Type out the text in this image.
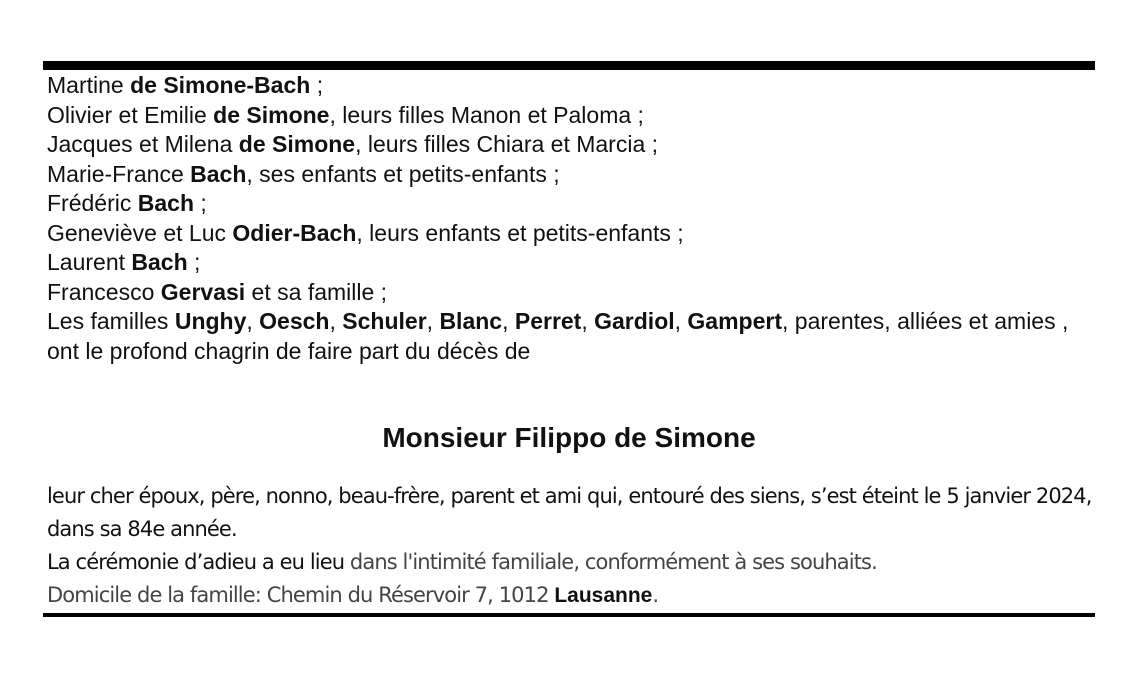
Martine de Simone-Bach ;
Olivier et Emilie de Simone, leurs filles Manon et Paloma ;
Jacques et Milena de Simone, leurs filles Chiara et Marcia ;
Marie-France Bach, ses enfants et petits-enfants ;
Frédéric Bach ;
Geneviève et Luc Odier-Bach, leurs enfants et petits-enfants ;
Laurent Bach ;
Francesco Gervasi et sa famille ;
Les familles Unghy, Oesch, Schuler, Blanc, Perret, Gardiol, Gampert, parentes, alliées et amies ,
ont le profond chagrin de faire part du décès de
Monsieur Filippo de Simone

leur cher époux, père, nonno, beau-frère, parent et ami qui, entouré des siens, s’est éteint le 5 janvier 2024, dans sa 84e année.

La cérémonie d’adieu a eu lieu dans l'intimité familiale, conformément à ses souhaits.

Domicile de la famille: Chemin du Réservoir 7, 1012 Lausanne.
